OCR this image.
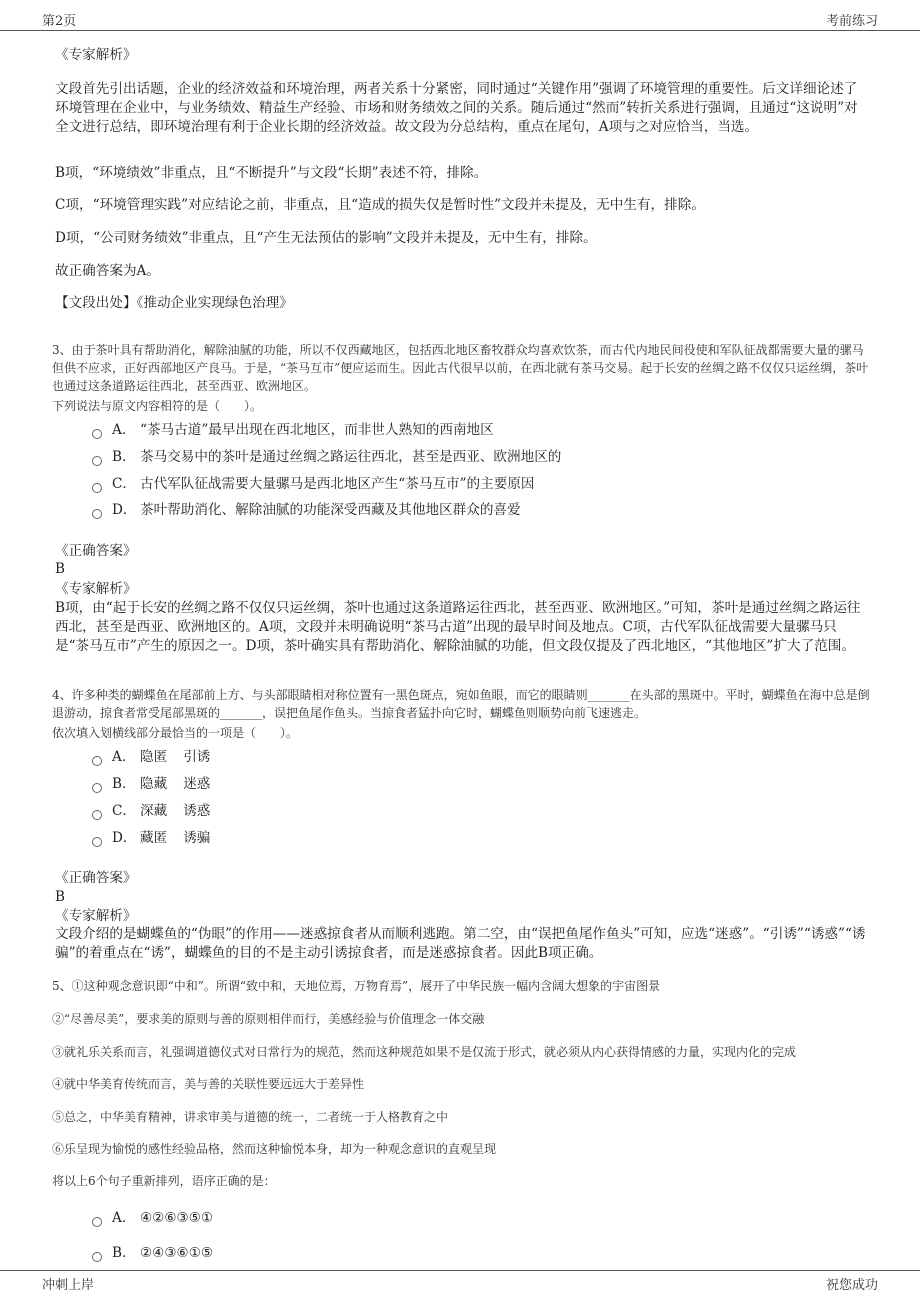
第2页	考前练习
《专家解析》
文段首先引出话题，企业的经济效益和环境治理，两者关系十分紧密，同时通过“关键作用”强调了环境管理的重要性。后文详细论述了环境管理在企业中，与业务绩效、精益生产经验、市场和财务绩效之间的关系。随后通过“然而”转折关系进行强调，且通过“这说明”对全文进行总结，即环境治理有利于企业长期的经济效益。故文段为分总结构，重点在尾句，A项与之对应恰当，当选。
B项，“环境绩效”非重点，且“不断提升”与文段“长期”表述不符，排除。
C项，“环境管理实践”对应结论之前，非重点，且“造成的损失仅是暂时性”文段并未提及，无中生有，排除。
D项，“公司财务绩效”非重点，且“产生无法预估的影响”文段并未提及，无中生有，排除。
故正确答案为A。
【文段出处】《推动企业实现绿色治理》
3、由于茶叶具有帮助消化，解除油腻的功能，所以不仅西藏地区，包括西北地区畜牧群众均喜欢饮茶，而古代内地民间役使和军队征战都需要大量的骡马但供不应求，正好西部地区产良马。于是，“茶马互市”便应运而生。因此古代很早以前，在西北就有茶马交易。起于长安的丝绸之路不仅仅只运丝绸，茶叶也通过这条道路运往西北，甚至西亚、欧洲地区。
下列说法与原文内容相符的是（　　）。
A． “茶马古道”最早出现在西北地区，而非世人熟知的西南地区
B． 茶马交易中的茶叶是通过丝绸之路运往西北，甚至是西亚、欧洲地区的
C． 古代军队征战需要大量骡马是西北地区产生“茶马互市”的主要原因
D． 茶叶帮助消化、解除油腻的功能深受西藏及其他地区群众的喜爱
《正确答案》
B
《专家解析》
B项，由“起于长安的丝绸之路不仅仅只运丝绸，茶叶也通过这条道路运往西北，甚至西亚、欧洲地区。”可知，茶叶是通过丝绸之路运往西北，甚至是西亚、欧洲地区的。A项，文段并未明确说明“茶马古道”出现的最早时间及地点。C项，古代军队征战需要大量骡马只是“茶马互市”产生的原因之一。D项，茶叶确实具有帮助消化、解除油腻的功能，但文段仅提及了西北地区，“其他地区”扩大了范围。
4、许多种类的蝴蝶鱼在尾部前上方、与头部眼睛相对称位置有一黑色斑点，宛如鱼眼，而它的眼睛则_______在头部的黑斑中。平时，蝴蝶鱼在海中总是倒退游动，掠食者常受尾部黑斑的_______，误把鱼尾作鱼头。当掠食者猛扑向它时，蝴蝶鱼则顺势向前飞速逃走。
依次填入划横线部分最恰当的一项是（　　）。
A． 隐匿 引诱
B． 隐藏 迷惑
C． 深藏 诱惑
D． 藏匿 诱骗
《正确答案》
B
《专家解析》
文段介绍的是蝴蝶鱼的“伪眼”的作用——迷惑掠食者从而顺利逃跑。第二空，由“误把鱼尾作鱼头”可知，应选“迷惑”。“引诱”“诱惑”“诱骗”的着重点在“诱”，蝴蝶鱼的目的不是主动引诱掠食者，而是迷惑掠食者。因此B项正确。
5、①这种观念意识即“中和”。所谓“致中和，天地位焉，万物育焉”，展开了中华民族一幅内含阔大想象的宇宙图景
②“尽善尽美”，要求美的原则与善的原则相伴而行，美感经验与价值理念一体交融
③就礼乐关系而言，礼强调道德仪式对日常行为的规范，然而这种规范如果不是仅流于形式，就必须从内心获得情感的力量，实现内化的完成
④就中华美育传统而言，美与善的关联性要远远大于差异性
⑤总之，中华美育精神，讲求审美与道德的统一，二者统一于人格教育之中
⑥乐呈现为愉悦的感性经验品格，然而这种愉悦本身，却为一种观念意识的直观呈现
将以上6个句子重新排列，语序正确的是：
A． ④②⑥③⑤①
B. ②④③⑥①⑤
冲刺上岸	祝您成功
